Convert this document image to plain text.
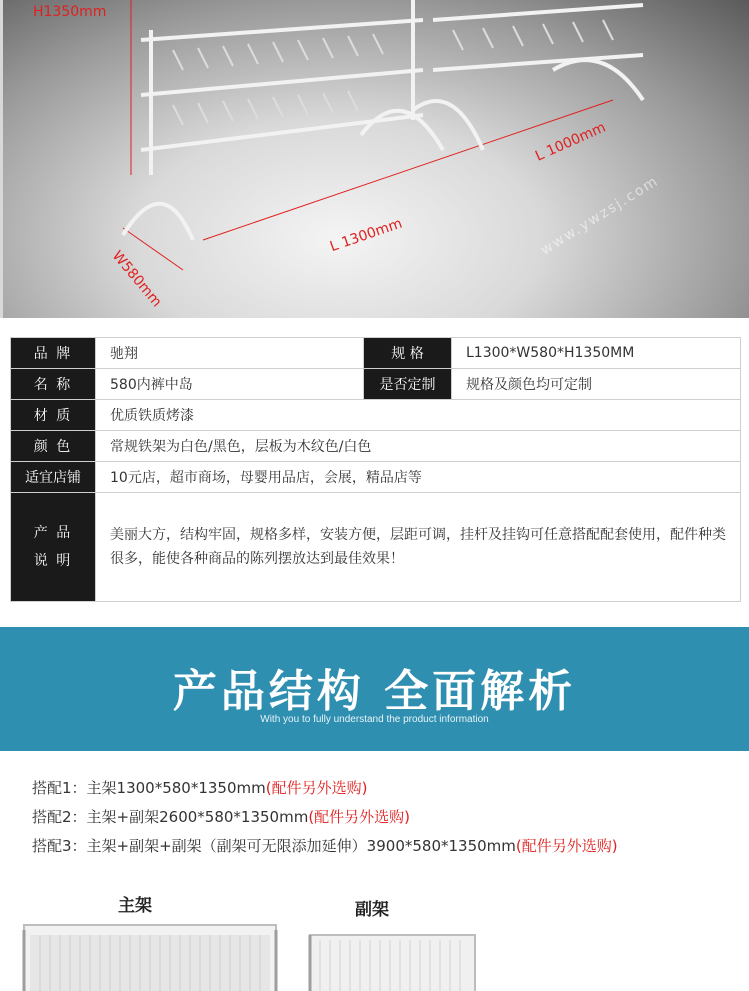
H1350mm
W580mm
L 1300mm
L 1000mm
www.ywzsj.com
品 牌	驰翔	规 格	L1300*W580*H1350MM
名 称	580内裤中岛	是否定制	规格及颜色均可定制
材 质	优质铁质烤漆		
颜 色	常规铁架为白色/黑色，层板为木纹色/白色		
适宜店铺	10元店，超市商场，母婴用品店，会展，精品店等		

产 品
说 明	美丽大方，结构牢固，规格多样，安装方便，层距可调，挂杆及挂钩可任意搭配配套使用，配件种类很多，能使各种商品的陈列摆放达到最佳效果！		
产品结构 全面解析
With you to fully understand the product information
搭配1：主架1300*580*1350mm(配件另外选购)
搭配2：主架+副架2600*580*1350mm(配件另外选购)
搭配3：主架+副架+副架（副架可无限添加延伸）3900*580*1350mm(配件另外选购)
主架	副架
